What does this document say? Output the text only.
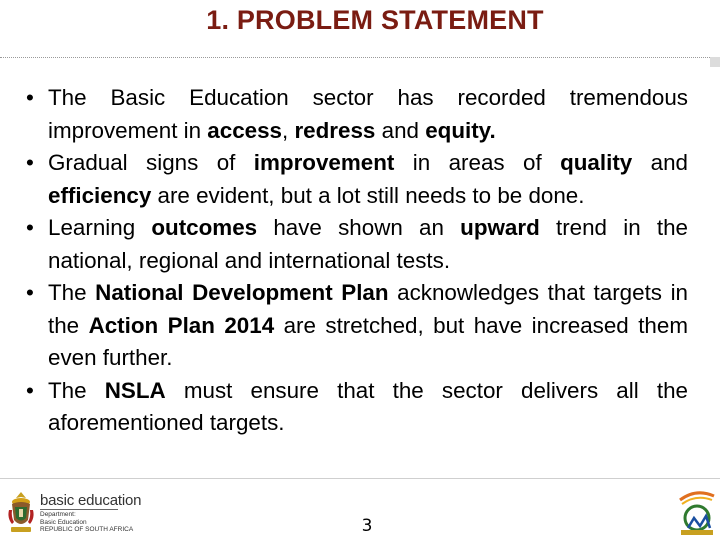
1. PROBLEM STATEMENT
• The Basic Education sector has recorded tremendous improvement in access, redress and equity.
• Gradual signs of improvement in areas of quality and efficiency are evident, but a lot still needs to be done.
• Learning outcomes have shown an upward trend in the national, regional and international tests.
• The National Development Plan acknowledges that targets in the Action Plan 2014 are stretched, but have increased them even further.
• The NSLA must ensure that the sector delivers all the aforementioned targets.
basic education
Department:
Basic Education
REPUBLIC OF SOUTH AFRICA	3
